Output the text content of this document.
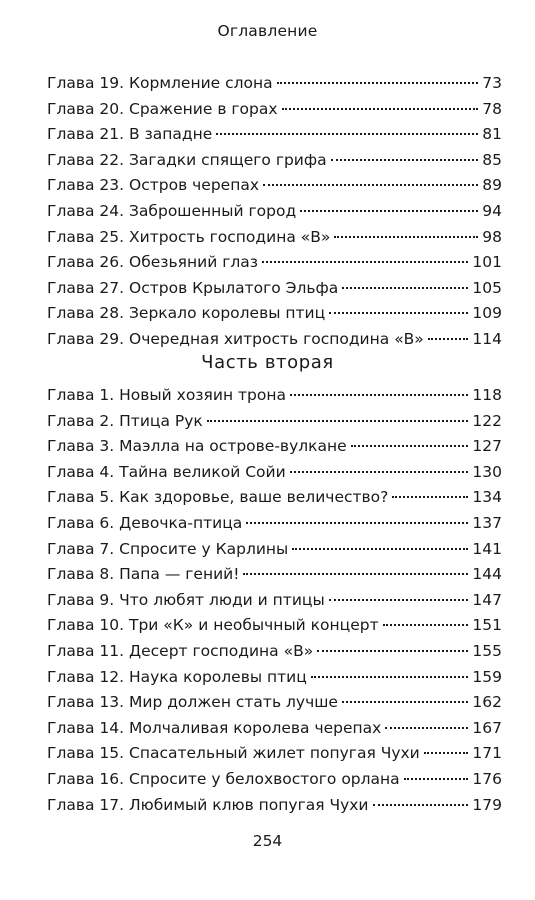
Оглавление
Глава 19. Кормление слона	73
Глава 20. Сражение в горах	78
Глава 21. В западне	81
Глава 22. Загадки спящего грифа	85
Глава 23. Остров черепах	89
Глава 24. Заброшенный город	94
Глава 25. Хитрость господина «В»	98
Глава 26. Обезьяний глаз	101
Глава 27. Остров Крылатого Эльфа	105
Глава 28. Зеркало королевы птиц	109
Глава 29. Очередная хитрость господина «В»	114
Часть вторая
Глава 1. Новый хозяин трона	118
Глава 2. Птица Рук	122
Глава 3. Маэлла на острове-вулкане	127
Глава 4. Тайна великой Сойи	130
Глава 5. Как здоровье, ваше величество?	134
Глава 6. Девочка-птица	137
Глава 7. Спросите у Карлины	141
Глава 8. Папа — гений!	144
Глава 9. Что любят люди и птицы	147
Глава 10. Три «К» и необычный концерт	151
Глава 11. Десерт господина «В»	155
Глава 12. Наука королевы птиц	159
Глава 13. Мир должен стать лучше	162
Глава 14. Молчаливая королева черепах	167
Глава 15. Спасательный жилет попугая Чухи	171
Глава 16. Спросите у белохвостого орлана	176
Глава 17. Любимый клюв попугая Чухи	179
254
